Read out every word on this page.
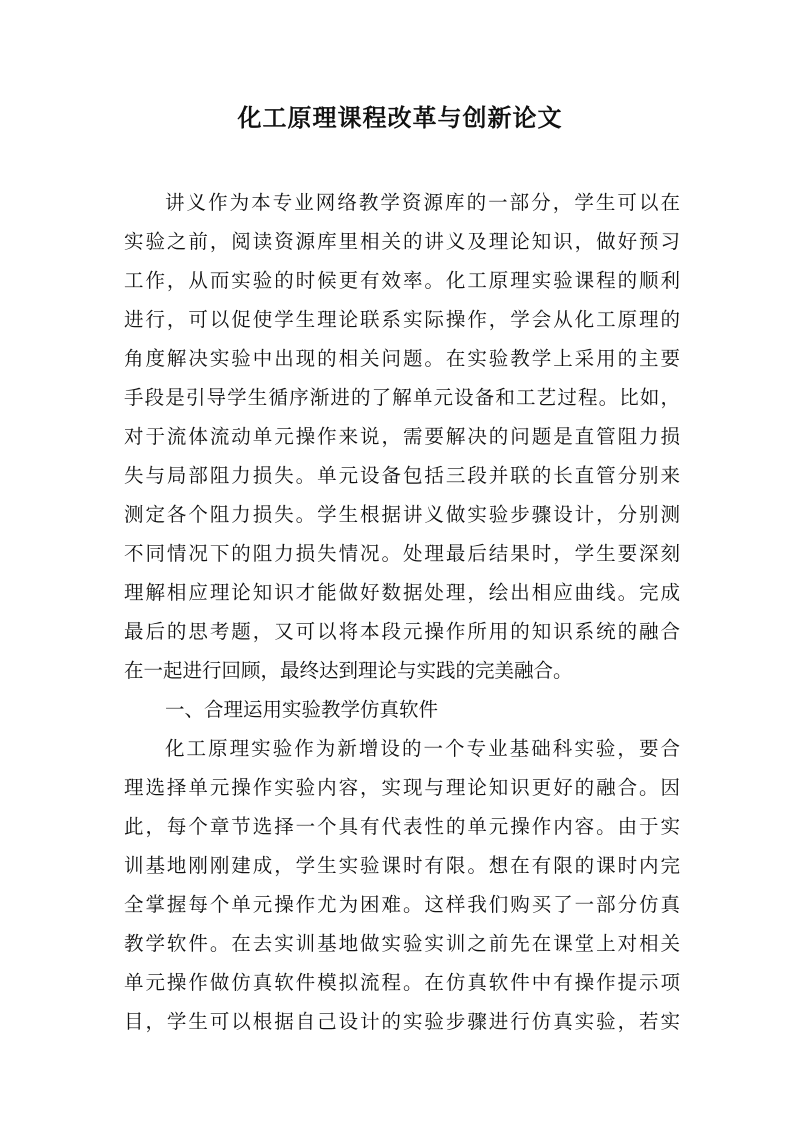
化工原理课程改革与创新论文
讲义作为本专业网络教学资源库的一部分，学生可以在
实验之前，阅读资源库里相关的讲义及理论知识，做好预习
工作，从而实验的时候更有效率。化工原理实验课程的顺利
进行，可以促使学生理论联系实际操作，学会从化工原理的
角度解决实验中出现的相关问题。在实验教学上采用的主要
手段是引导学生循序渐进的了解单元设备和工艺过程。比如，
对于流体流动单元操作来说，需要解决的问题是直管阻力损
失与局部阻力损失。单元设备包括三段并联的长直管分别来
测定各个阻力损失。学生根据讲义做实验步骤设计，分别测
不同情况下的阻力损失情况。处理最后结果时，学生要深刻
理解相应理论知识才能做好数据处理，绘出相应曲线。完成
最后的思考题，又可以将本段元操作所用的知识系统的融合
在一起进行回顾，最终达到理论与实践的完美融合。
一、合理运用实验教学仿真软件
化工原理实验作为新增设的一个专业基础科实验，要合
理选择单元操作实验内容，实现与理论知识更好的融合。因
此，每个章节选择一个具有代表性的单元操作内容。由于实
训基地刚刚建成，学生实验课时有限。想在有限的课时内完
全掌握每个单元操作尤为困难。这样我们购买了一部分仿真
教学软件。在去实训基地做实验实训之前先在课堂上对相关
单元操作做仿真软件模拟流程。在仿真软件中有操作提示项
目，学生可以根据自己设计的实验步骤进行仿真实验，若实
